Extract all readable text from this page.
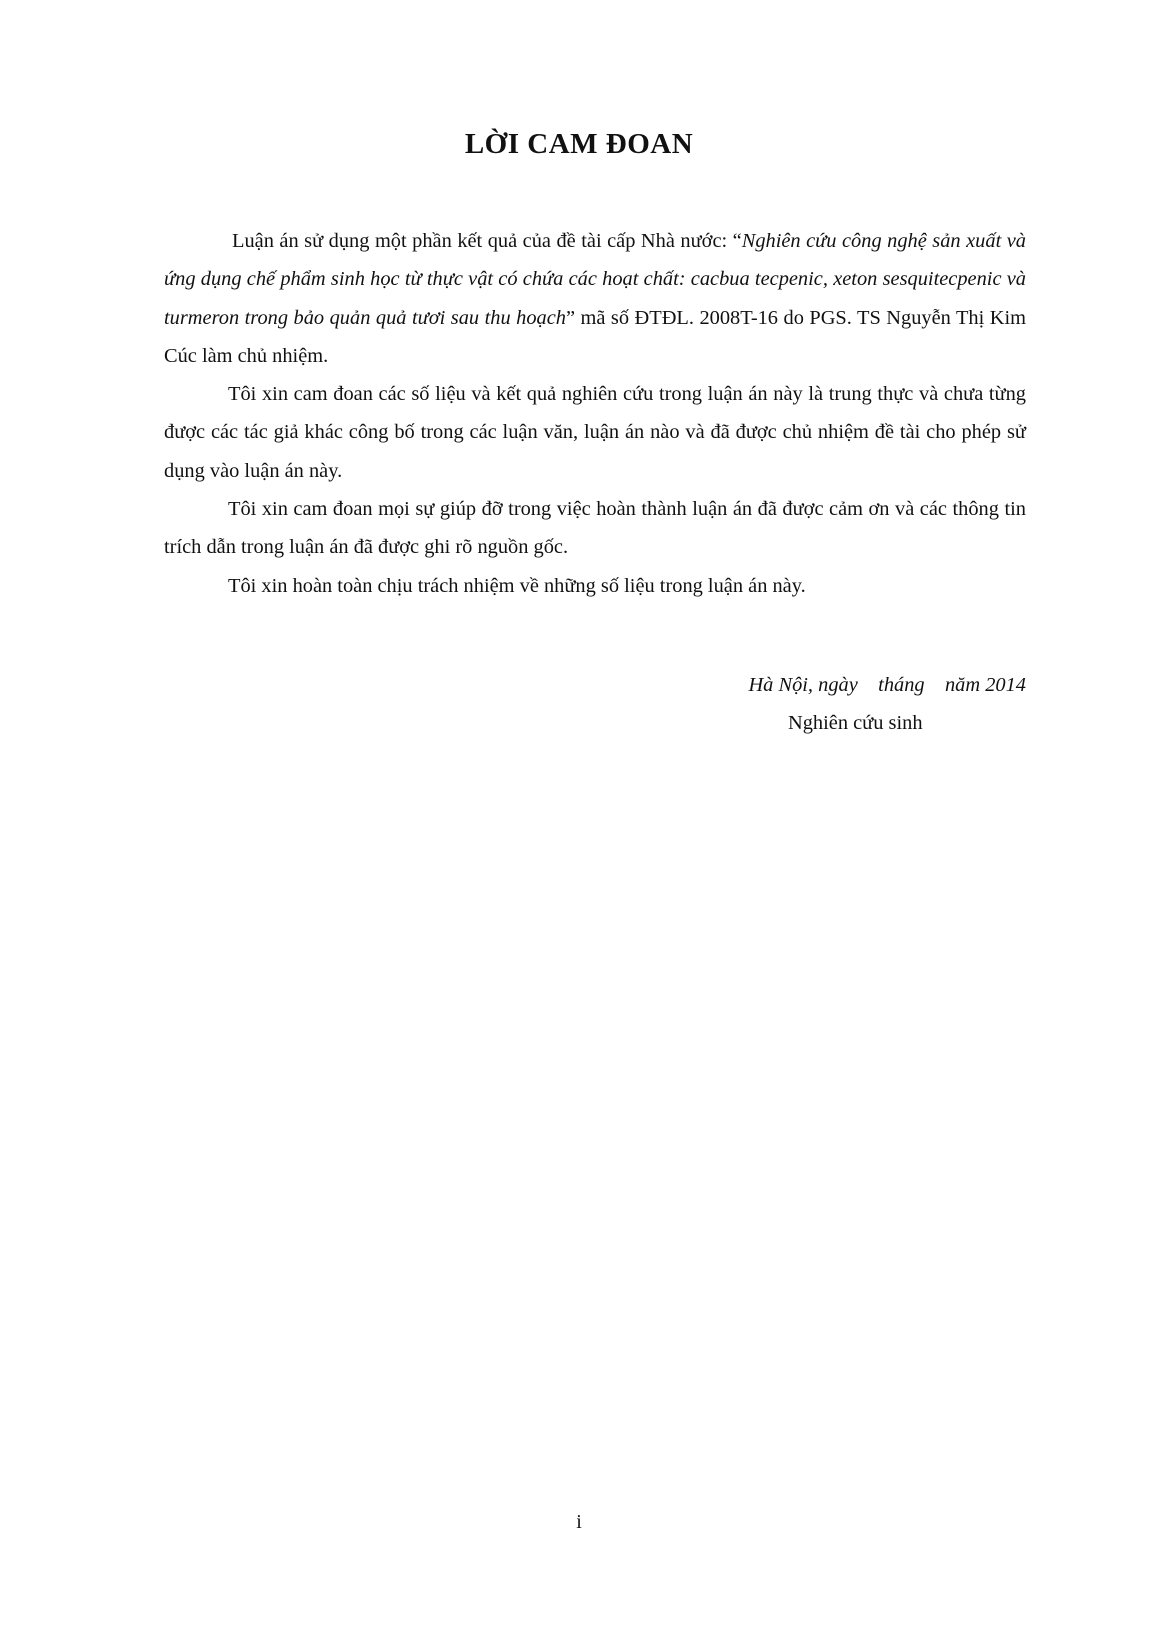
LỜI CAM ĐOAN

Luận án sử dụng một phần kết quả của đề tài cấp Nhà nước: “Nghiên cứu công nghệ sản xuất và ứng dụng chế phẩm sinh học từ thực vật có chứa các hoạt chất: cacbua tecpenic, xeton sesquitecpenic và turmeron trong bảo quản quả tươi sau thu hoạch” mã số ĐTĐL. 2008T-16 do PGS. TS Nguyễn Thị Kim Cúc làm chủ nhiệm.

Tôi xin cam đoan các số liệu và kết quả nghiên cứu trong luận án này là trung thực và chưa từng được các tác giả khác công bố trong các luận văn, luận án nào và đã được chủ nhiệm đề tài cho phép sử dụng vào luận án này.

Tôi xin cam đoan mọi sự giúp đỡ trong việc hoàn thành luận án đã được cảm ơn và các thông tin trích dẫn trong luận án đã được ghi rõ nguồn gốc.

Tôi xin hoàn toàn chịu trách nhiệm về những số liệu trong luận án này.

Hà Nội, ngày    tháng    năm 2014
Nghiên cứu sinh
i
